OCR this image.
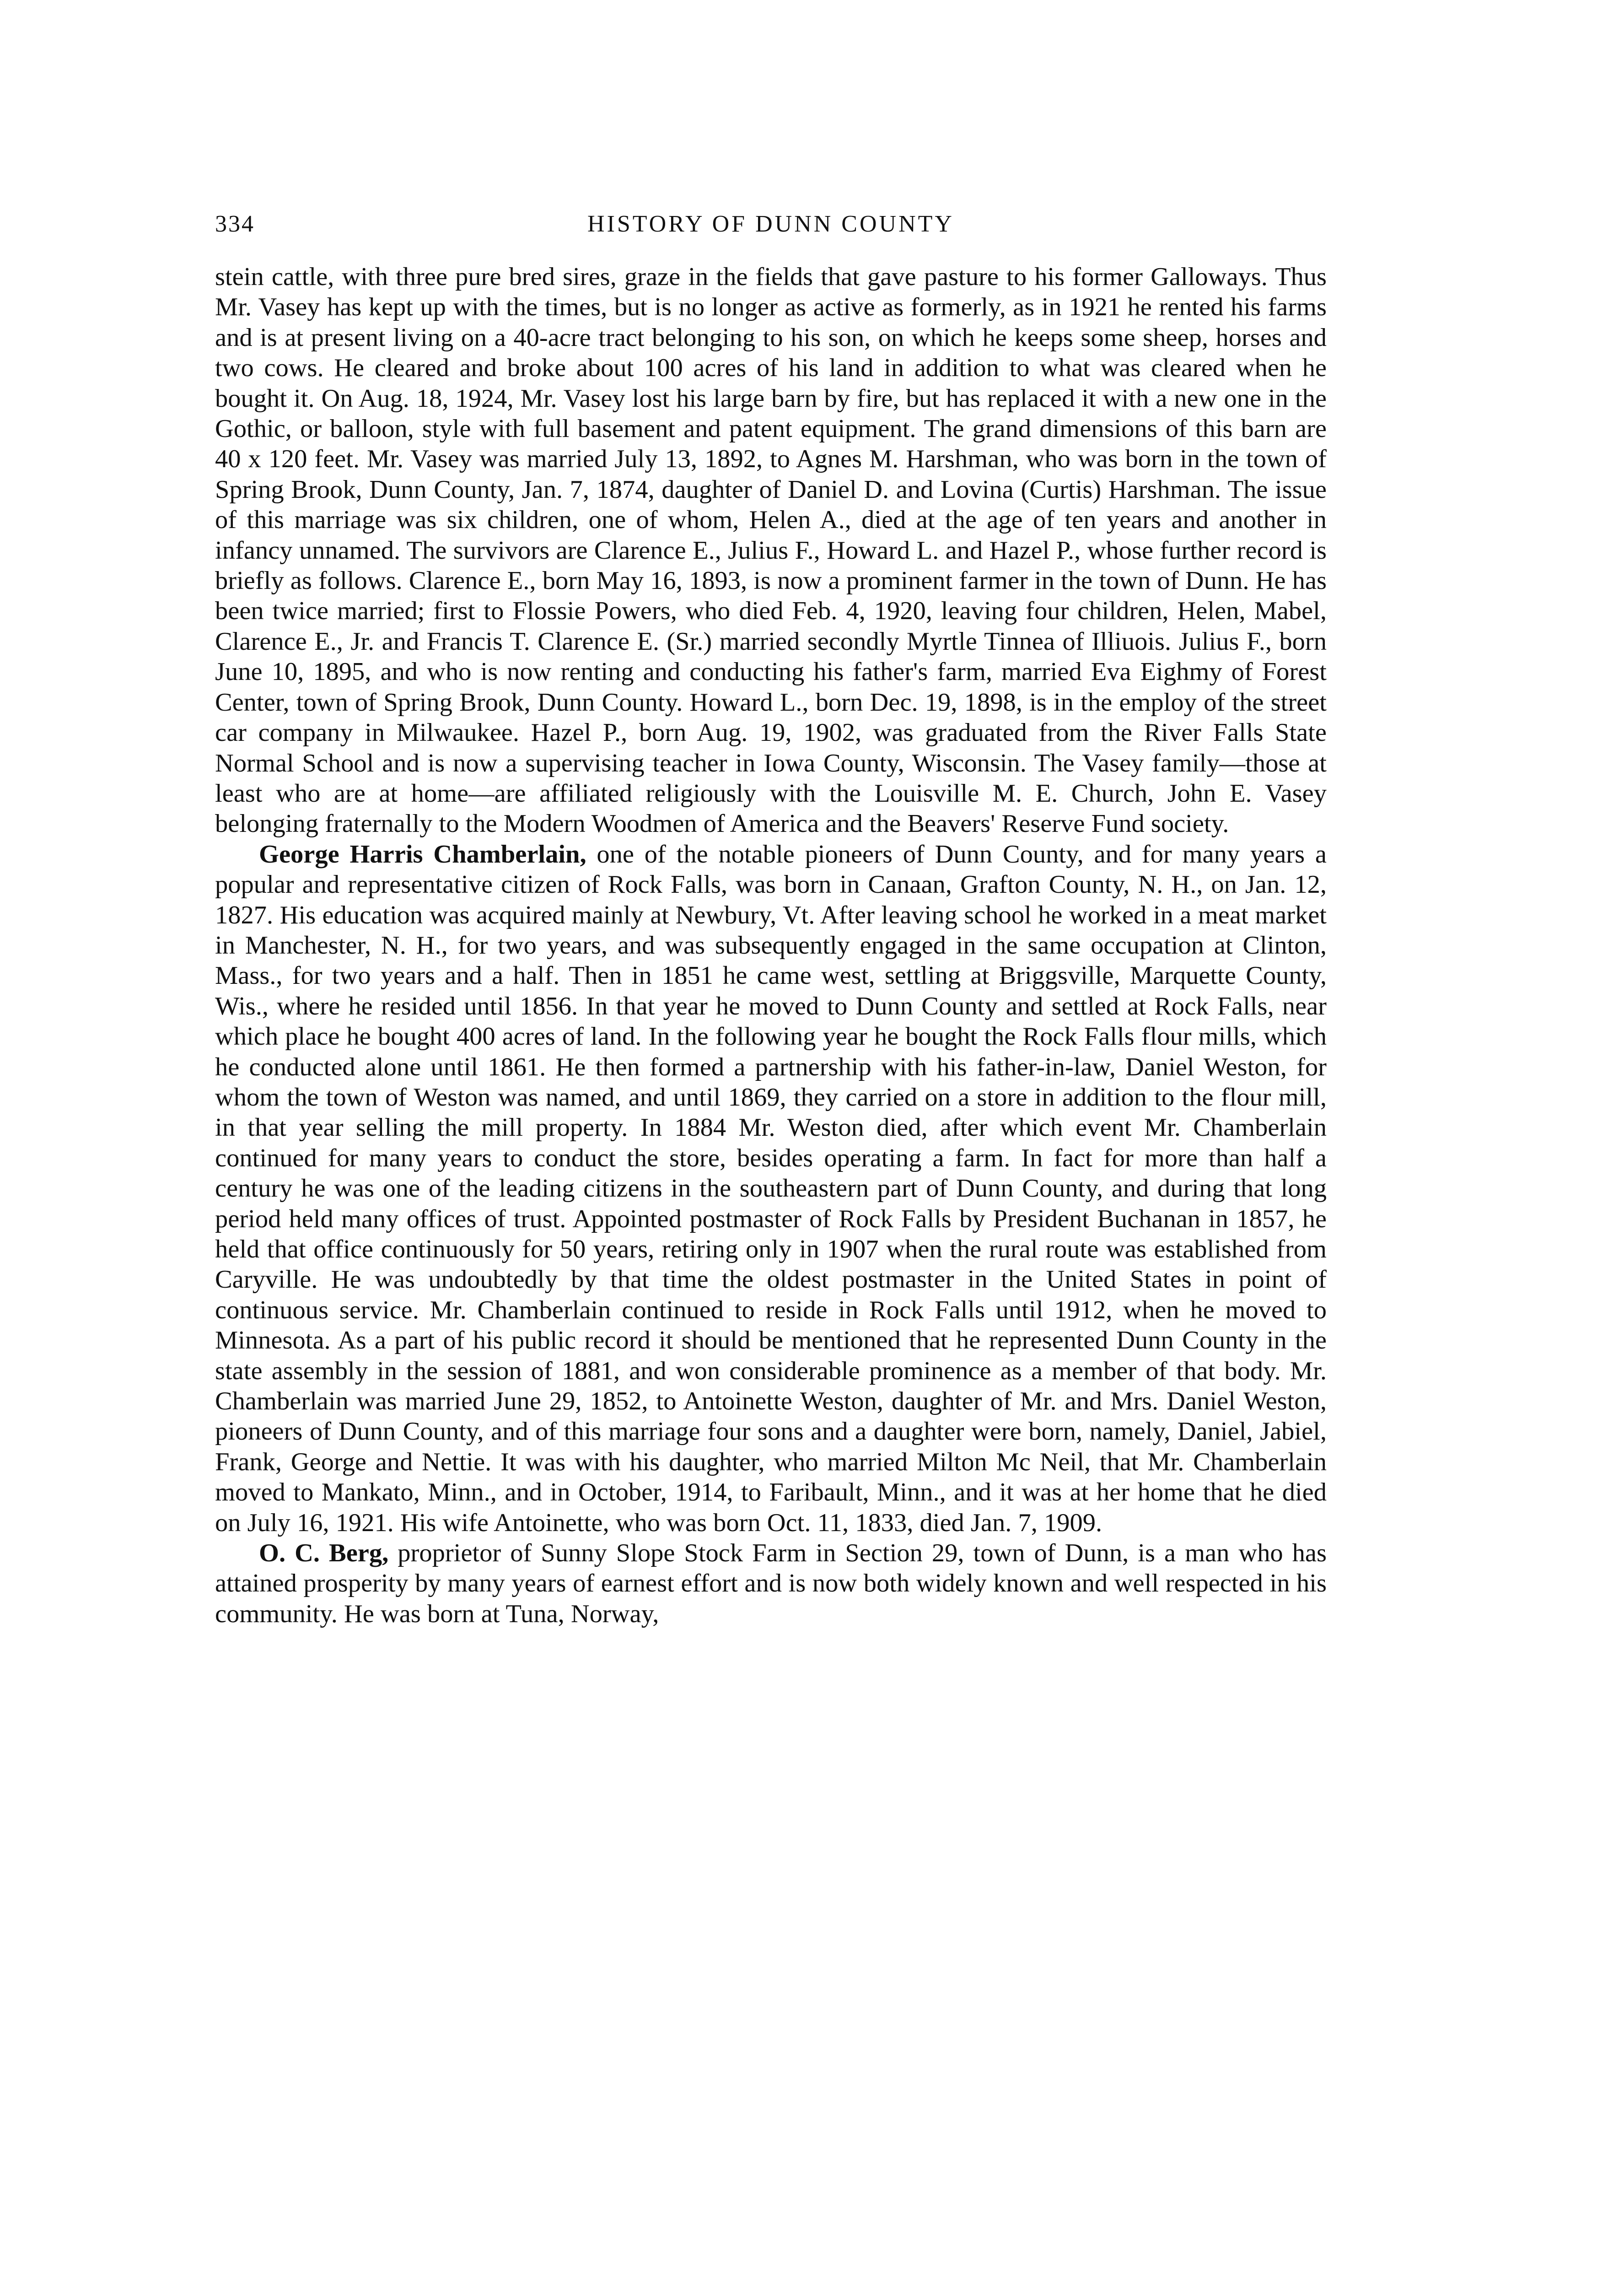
334	HISTORY OF DUNN COUNTY

stein cattle, with three pure bred sires, graze in the fields that gave pasture to his former Galloways. Thus Mr. Vasey has kept up with the times, but is no longer as active as formerly, as in 1921 he rented his farms and is at present living on a 40-acre tract belonging to his son, on which he keeps some sheep, horses and two cows. He cleared and broke about 100 acres of his land in addition to what was cleared when he bought it. On Aug. 18, 1924, Mr. Vasey lost his large barn by fire, but has replaced it with a new one in the Gothic, or balloon, style with full basement and patent equipment. The grand dimensions of this barn are 40 x 120 feet. Mr. Vasey was married July 13, 1892, to Agnes M. Harshman, who was born in the town of Spring Brook, Dunn County, Jan. 7, 1874, daughter of Daniel D. and Lovina (Curtis) Harshman. The issue of this marriage was six children, one of whom, Helen A., died at the age of ten years and another in infancy unnamed. The survivors are Clarence E., Julius F., Howard L. and Hazel P., whose further record is briefly as follows. Clarence E., born May 16, 1893, is now a prominent farmer in the town of Dunn. He has been twice married; first to Flossie Powers, who died Feb. 4, 1920, leaving four children, Helen, Mabel, Clarence E., Jr. and Francis T. Clarence E. (Sr.) married secondly Myrtle Tinnea of Illiuois. Julius F., born June 10, 1895, and who is now renting and conducting his father's farm, married Eva Eighmy of Forest Center, town of Spring Brook, Dunn County. Howard L., born Dec. 19, 1898, is in the employ of the street car company in Milwaukee. Hazel P., born Aug. 19, 1902, was graduated from the River Falls State Normal School and is now a supervising teacher in Iowa County, Wisconsin. The Vasey family—those at least who are at home—are affiliated religiously with the Louisville M. E. Church, John E. Vasey belonging fraternally to the Modern Woodmen of America and the Beavers' Reserve Fund society.

George Harris Chamberlain, one of the notable pioneers of Dunn County, and for many years a popular and representative citizen of Rock Falls, was born in Canaan, Grafton County, N. H., on Jan. 12, 1827. His education was acquired mainly at Newbury, Vt. After leaving school he worked in a meat market in Manchester, N. H., for two years, and was subsequently engaged in the same occupation at Clinton, Mass., for two years and a half. Then in 1851 he came west, settling at Briggsville, Marquette County, Wis., where he resided until 1856. In that year he moved to Dunn County and settled at Rock Falls, near which place he bought 400 acres of land. In the following year he bought the Rock Falls flour mills, which he conducted alone until 1861. He then formed a partnership with his father-in-law, Daniel Weston, for whom the town of Weston was named, and until 1869, they carried on a store in addition to the flour mill, in that year selling the mill property. In 1884 Mr. Weston died, after which event Mr. Chamberlain continued for many years to conduct the store, besides operating a farm. In fact for more than half a century he was one of the leading citizens in the southeastern part of Dunn County, and during that long period held many offices of trust. Appointed postmaster of Rock Falls by President Buchanan in 1857, he held that office continuously for 50 years, retiring only in 1907 when the rural route was established from Caryville. He was undoubtedly by that time the oldest postmaster in the United States in point of continuous service. Mr. Chamberlain continued to reside in Rock Falls until 1912, when he moved to Minnesota. As a part of his public record it should be mentioned that he represented Dunn County in the state assembly in the session of 1881, and won considerable prominence as a member of that body. Mr. Chamberlain was married June 29, 1852, to Antoinette Weston, daughter of Mr. and Mrs. Daniel Weston, pioneers of Dunn County, and of this marriage four sons and a daughter were born, namely, Daniel, Jabiel, Frank, George and Nettie. It was with his daughter, who married Milton Mc Neil, that Mr. Chamberlain moved to Mankato, Minn., and in October, 1914, to Faribault, Minn., and it was at her home that he died on July 16, 1921. His wife Antoinette, who was born Oct. 11, 1833, died Jan. 7, 1909.

O. C. Berg, proprietor of Sunny Slope Stock Farm in Section 29, town of Dunn, is a man who has attained prosperity by many years of earnest effort and is now both widely known and well respected in his community. He was born at Tuna, Norway,
